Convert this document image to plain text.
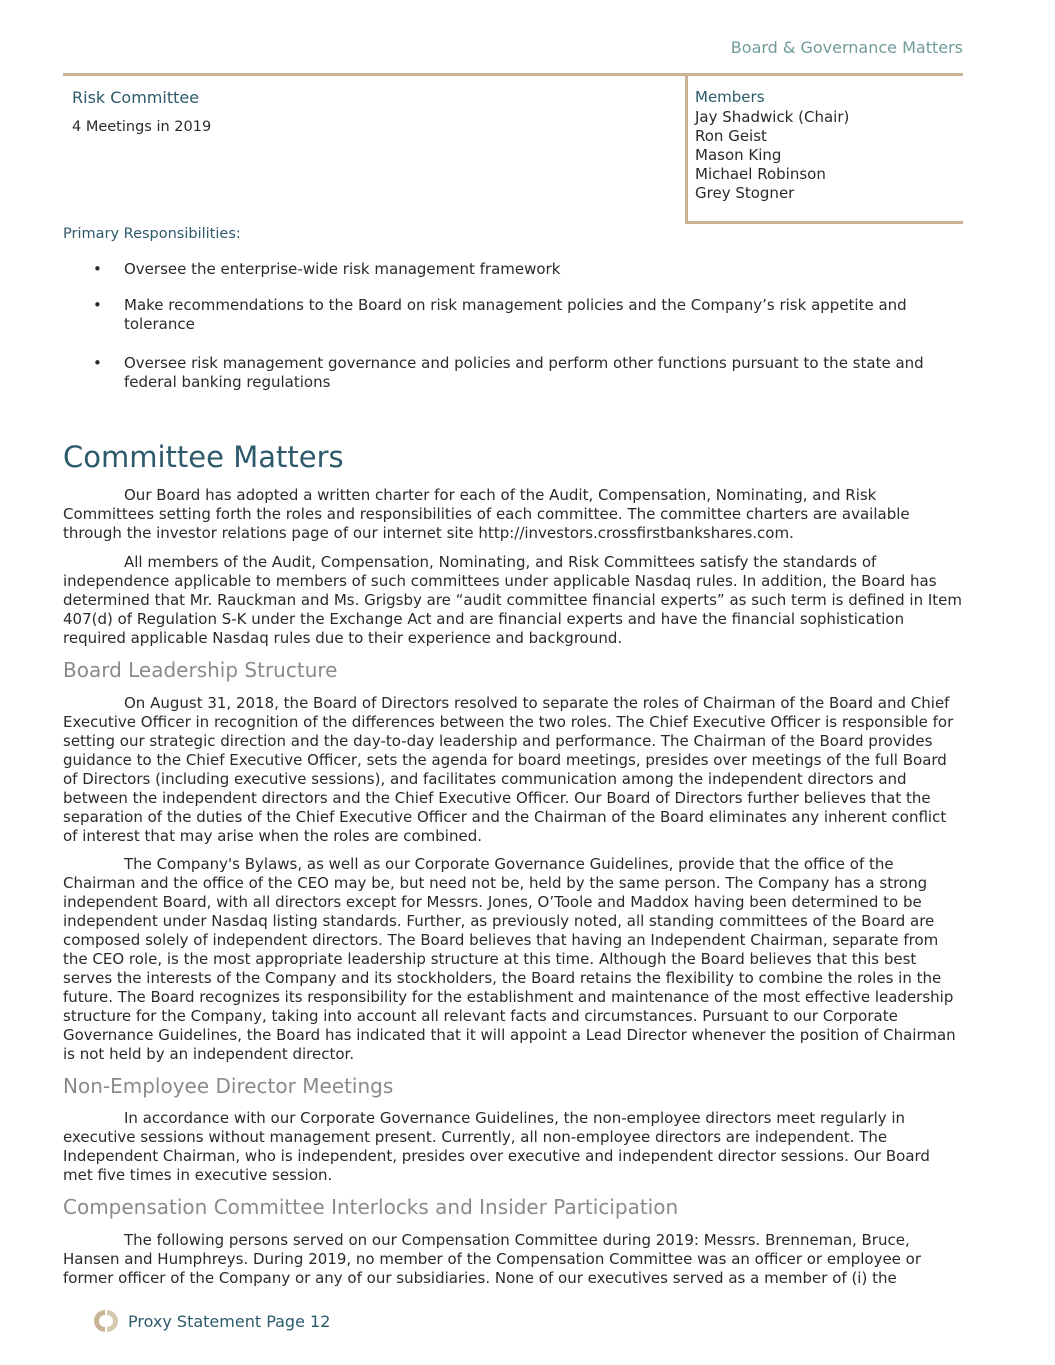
Board & Governance Matters
Risk Committee
4 Meetings in 2019
Members
Jay Shadwick (Chair)
Ron Geist
Mason King
Michael Robinson
Grey Stogner
Primary Responsibilities:
• Oversee the enterprise-wide risk management framework
• Make recommendations to the Board on risk management policies and the Company’s risk appetite and tolerance
• Oversee risk management governance and policies and perform other functions pursuant to the state and federal banking regulations
Committee Matters

Our Board has adopted a written charter for each of the Audit, Compensation, Nominating, and Risk Committees setting forth the roles and responsibilities of each committee. The committee charters are available through the investor relations page of our internet site http://investors.crossfirstbankshares.com.

All members of the Audit, Compensation, Nominating, and Risk Committees satisfy the standards of independence applicable to members of such committees under applicable Nasdaq rules. In addition, the Board has determined that Mr. Rauckman and Ms. Grigsby are “audit committee financial experts” as such term is defined in Item 407(d) of Regulation S-K under the Exchange Act and are financial experts and have the financial sophistication required applicable Nasdaq rules due to their experience and background.

Board Leadership Structure

On August 31, 2018, the Board of Directors resolved to separate the roles of Chairman of the Board and Chief Executive Officer in recognition of the differences between the two roles. The Chief Executive Officer is responsible for setting our strategic direction and the day-to-day leadership and performance. The Chairman of the Board provides guidance to the Chief Executive Officer, sets the agenda for board meetings, presides over meetings of the full Board of Directors (including executive sessions), and facilitates communication among the independent directors and between the independent directors and the Chief Executive Officer. Our Board of Directors further believes that the separation of the duties of the Chief Executive Officer and the Chairman of the Board eliminates any inherent conflict of interest that may arise when the roles are combined.

The Company's Bylaws, as well as our Corporate Governance Guidelines, provide that the office of the Chairman and the office of the CEO may be, but need not be, held by the same person. The Company has a strong independent Board, with all directors except for Messrs. Jones, O’Toole and Maddox having been determined to be independent under Nasdaq listing standards. Further, as previously noted, all standing committees of the Board are composed solely of independent directors. The Board believes that having an Independent Chairman, separate from the CEO role, is the most appropriate leadership structure at this time. Although the Board believes that this best serves the interests of the Company and its stockholders, the Board retains the flexibility to combine the roles in the future. The Board recognizes its responsibility for the establishment and maintenance of the most effective leadership structure for the Company, taking into account all relevant facts and circumstances. Pursuant to our Corporate Governance Guidelines, the Board has indicated that it will appoint a Lead Director whenever the position of Chairman is not held by an independent director.

Non-Employee Director Meetings

In accordance with our Corporate Governance Guidelines, the non-employee directors meet regularly in executive sessions without management present. Currently, all non-employee directors are independent. The Independent Chairman, who is independent, presides over executive and independent director sessions. Our Board met five times in executive session.

Compensation Committee Interlocks and Insider Participation

The following persons served on our Compensation Committee during 2019: Messrs. Brenneman, Bruce, Hansen and Humphreys. During 2019, no member of the Compensation Committee was an officer or employee or former officer of the Company or any of our subsidiaries. None of our executives served as a member of (i) the

Proxy Statement Page 12
